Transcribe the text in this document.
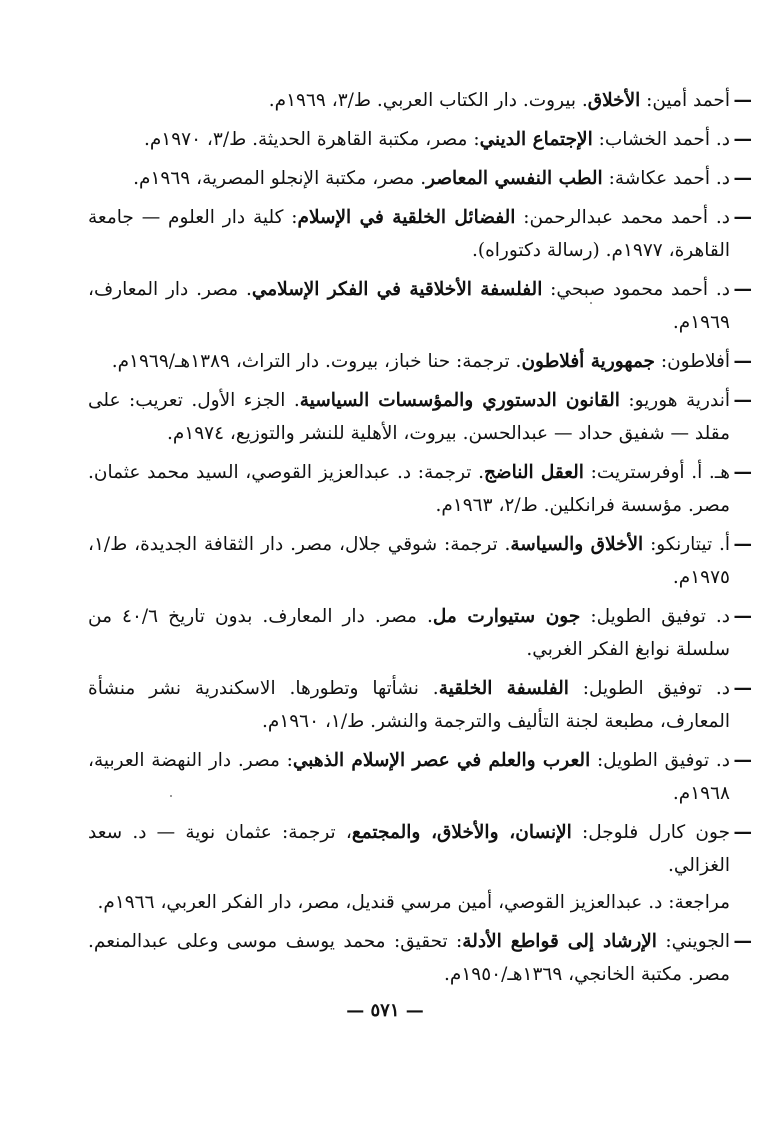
—
أحمد أمين: الأخلاق. بيروت. دار الكتاب العربي. ط/٣، ١٩٦٩م.
—
د. أحمد الخشاب: الإجتماع الديني: مصر، مكتبة القاهرة الحديثة. ط/٣، ١٩٧٠م.
—
د. أحمد عكاشة: الطب النفسي المعاصر. مصر، مكتبة الإنجلو المصرية، ١٩٦٩م.
—
د. أحمد محمد عبدالرحمن: الفضائل الخلقية في الإسلام: كلية دار العلوم — جامعة القاهرة، ١٩٧٧م. (رسالة دكتوراه).
—
د. أحمد محمود صبحي: الفلسفة الأخلاقية في الفكر الإسلامي. مصر. دار المعارف، ١٩٦٩م.
—
أفلاطون: جمهورية أفلاطون. ترجمة: حنا خباز، بيروت. دار التراث، ١٣٨٩هـ/١٩٦٩م.
—
أندرية هوريو: القانون الدستوري والمؤسسات السياسية. الجزء الأول. تعريب: على مقلد — شفيق حداد — عبدالحسن. بيروت، الأهلية للنشر والتوزيع، ١٩٧٤م.
—
هـ. أ. أوفرستريت: العقل الناضج. ترجمة: د. عبدالعزيز القوصي، السيد محمد عثمان. مصر. مؤسسة فرانكلين. ط/٢، ١٩٦٣م.
—
أ. تيتارنكو: الأخلاق والسياسة. ترجمة: شوقي جلال، مصر. دار الثقافة الجديدة، ط/١، ١٩٧٥م.
—
د. توفيق الطويل: جون ستيوارت مل. مصر. دار المعارف. بدون تاريخ ٤٠/٦ من سلسلة نوابغ الفكر الغربي.
—
د. توفيق الطويل: الفلسفة الخلقية. نشأتها وتطورها. الاسكندرية نشر منشأة المعارف، مطبعة لجنة التأليف والترجمة والنشر. ط/١، ١٩٦٠م.
—
د. توفيق الطويل: العرب والعلم في عصر الإسلام الذهبي: مصر. دار النهضة العربية، ١٩٦٨م.
—
جون كارل فلوجل: الإنسان، والأخلاق، والمجتمع، ترجمة: عثمان نوية — د. سعد الغزالي.
مراجعة: د. عبدالعزيز القوصي، أمين مرسي قنديل، مصر، دار الفكر العربي، ١٩٦٦م.
—
الجويني: الإرشاد إلى قواطع الأدلة: تحقيق: محمد يوسف موسى وعلى عبدالمنعم. مصر. مكتبة الخانجي، ١٣٦٩هـ/١٩٥٠م.
— ٥٧١ —
